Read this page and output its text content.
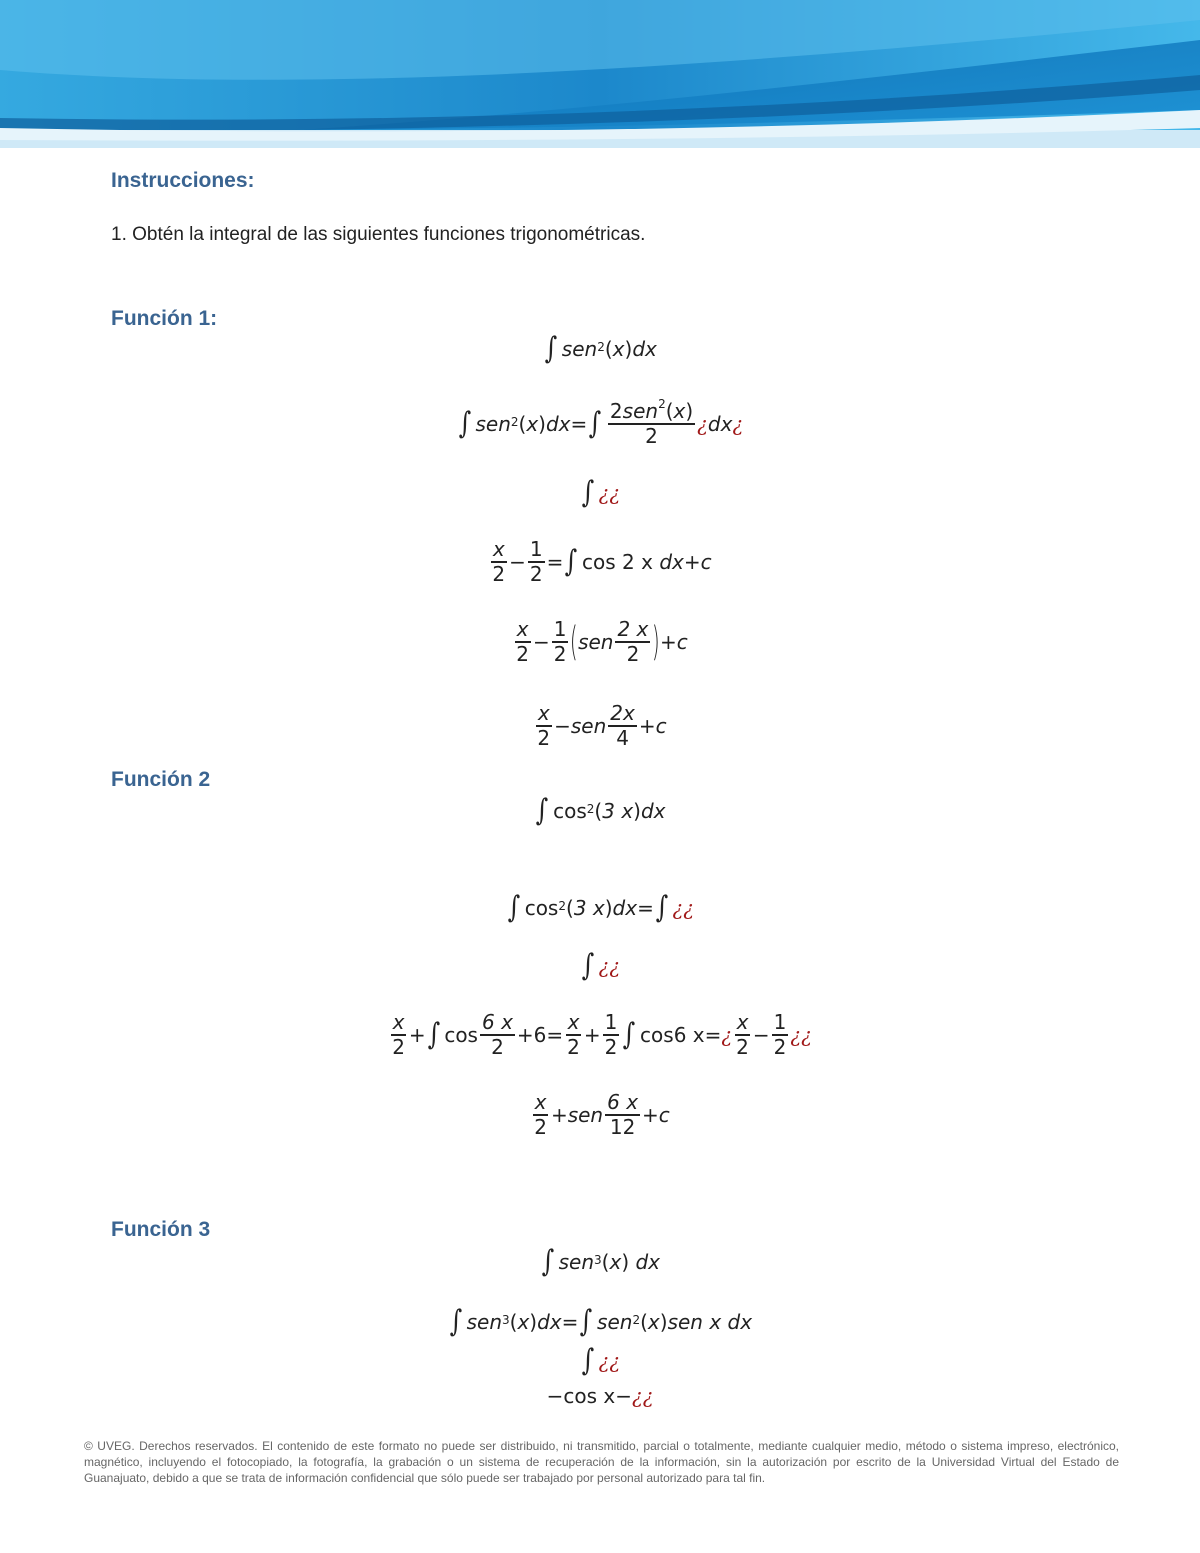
Instrucciones:
1. Obtén la integral de las siguientes funciones trigonométricas.
Función 1:
∫ sen 2 ( x ) dx
∫ sen 2 ( x ) dx = ∫ $\frac{2sen^2(x)}{2}$ ¿ dx ¿
∫ ¿¿
$\frac{x}{2} - \frac{1}{2}$ = ∫ cos 2 x
dx + c
$\frac{x}{2} - \frac{1}{2}$ ( sen $\frac{2 x}{2}$ ) + c
$\frac{x}{2}$ − sen $\frac{2x}{4} + c$
Función 2
∫ cos 2 ( 3 x ) dx
∫ cos 2 ( 3 x ) dx = ∫ ¿¿
∫ ¿¿
$\frac{x}{2}$ + ∫ $\cos \frac{6 x}{2} + 6 = \frac{x}{2} + \frac{1}{2}$ ∫ cos6 x = ¿ $\frac{x}{2} - \frac{1}{2}$ ¿¿
$\frac{x}{2}$ + sen $\frac{6 x}{12} + c$
Función 3
∫ sen 3 ( x )
dx
∫ sen 3 ( x ) dx = ∫ sen 2 ( x ) sen x
dx
∫ ¿¿
− cos x − ¿¿
© UVEG. Derechos reservados. El contenido de este formato no puede ser distribuido, ni transmitido, parcial o totalmente, mediante cualquier medio, método o sistema impreso, electrónico, magnético, incluyendo el fotocopiado, la fotografía, la grabación o un sistema de recuperación de la información, sin la autorización por escrito de la Universidad Virtual del Estado de Guanajuato, debido a que se trata de información confidencial que sólo puede ser trabajado por personal autorizado para tal fin.
